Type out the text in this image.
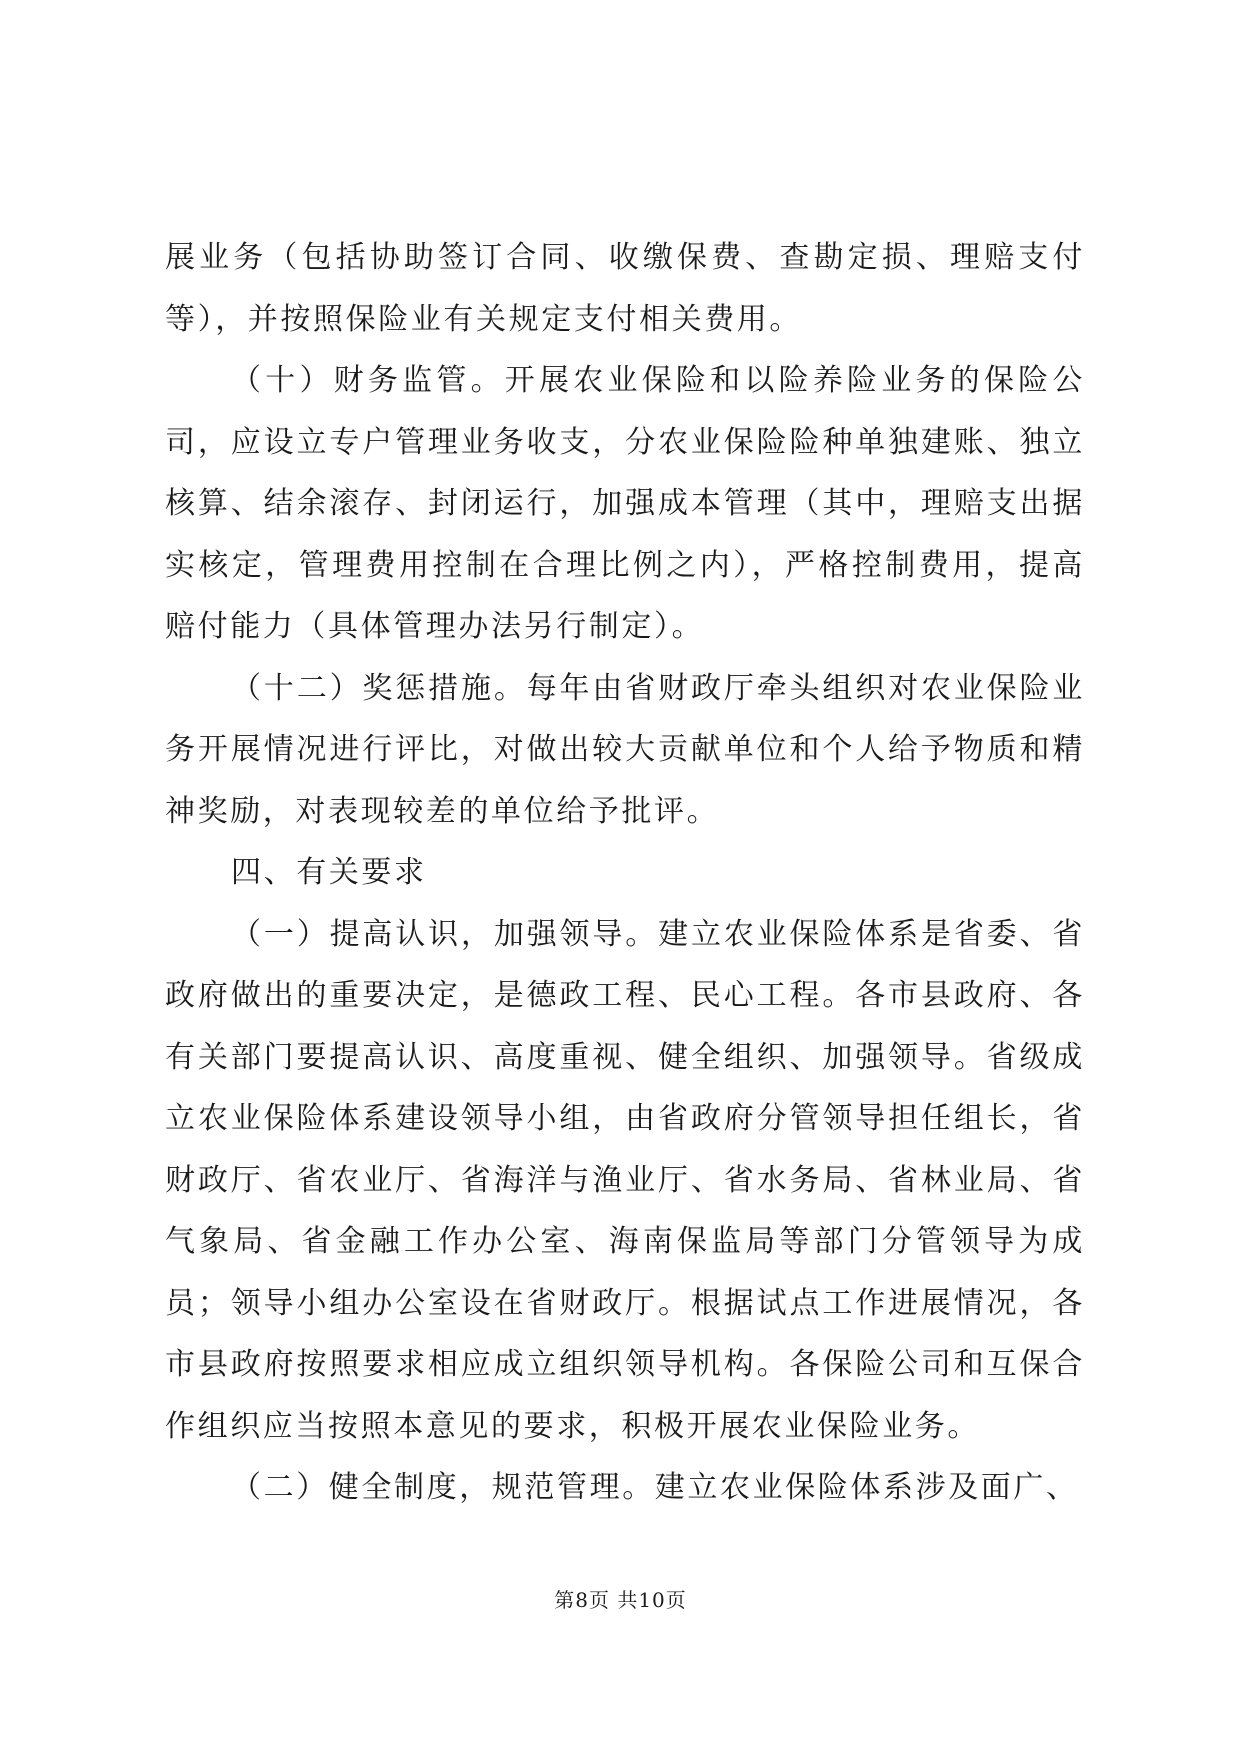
展业务（包括协助签订合同、收缴保费、查勘定损、理赔支付等），并按照保险业有关规定支付相关费用。

（十）财务监管。开展农业保险和以险养险业务的保险公司，应设立专户管理业务收支，分农业保险险种单独建账、独立核算、结余滚存、封闭运行，加强成本管理（其中，理赔支出据实核定，管理费用控制在合理比例之内），严格控制费用，提高赔付能力（具体管理办法另行制定）。

（十二）奖惩措施。每年由省财政厅牵头组织对农业保险业务开展情况进行评比，对做出较大贡献单位和个人给予物质和精神奖励，对表现较差的单位给予批评。

四、有关要求

（一）提高认识，加强领导。建立农业保险体系是省委、省政府做出的重要决定，是德政工程、民心工程。各市县政府、各有关部门要提高认识、高度重视、健全组织、加强领导。省级成立农业保险体系建设领导小组，由省政府分管领导担任组长，省财政厅、省农业厅、省海洋与渔业厅、省水务局、省林业局、省气象局、省金融工作办公室、海南保监局等部门分管领导为成员；领导小组办公室设在省财政厅。根据试点工作进展情况，各市县政府按照要求相应成立组织领导机构。各保险公司和互保合作组织应当按照本意见的要求，积极开展农业保险业务。

（二）健全制度，规范管理。建立农业保险体系涉及面广、

第8页 共10页
